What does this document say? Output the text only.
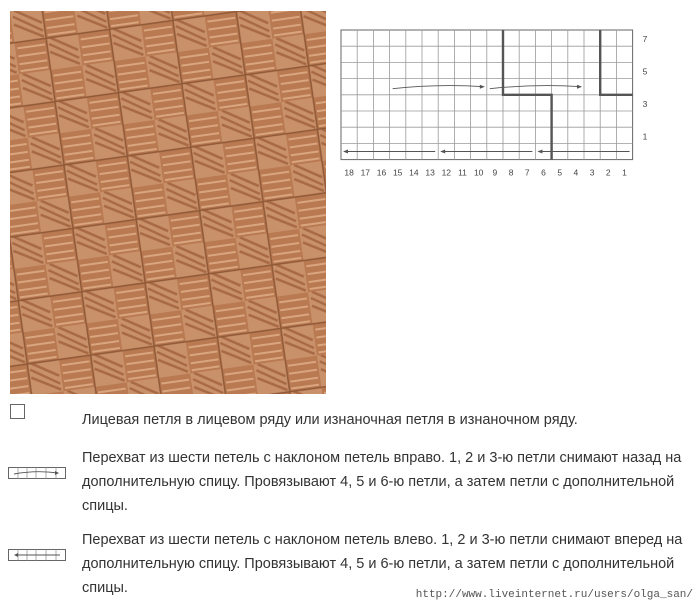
18 17 16 15 14 13 12 11 10 9 8 7 6 5 4 3 2 1
7
5
3
1
Лицевая петля в лицевом ряду или изнаночная петля в изнаночном ряду.
Перехват из шести петель с наклоном петель вправо. 1, 2 и 3-ю петли снимают назад на дополнительную спицу. Провязывают 4, 5 и 6-ю петли, а затем петли с дополнительной спицы.
Перехват из шести петель с наклоном петель влево. 1, 2 и 3-ю петли снимают вперед на дополнительную спицу. Провязывают 4, 5 и 6-ю петли, а затем петли с дополнительной спицы.	http://www.liveinternet.ru/users/olga_san/
